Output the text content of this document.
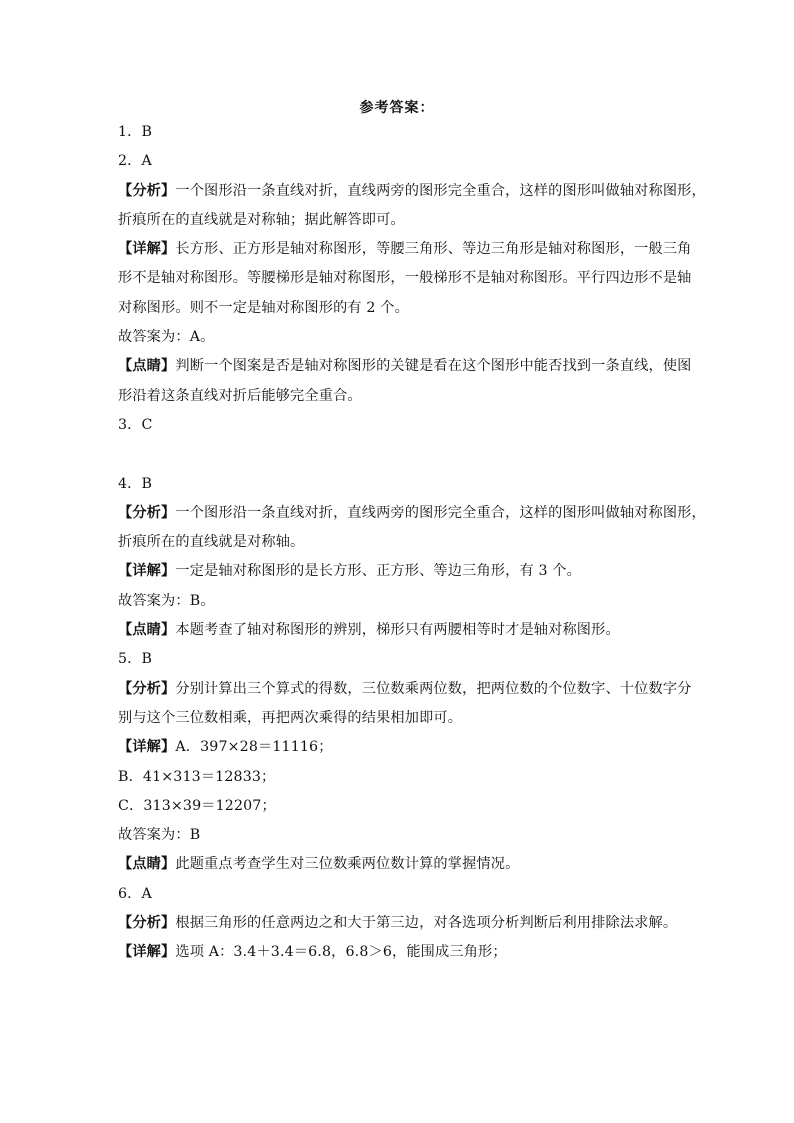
参考答案：
1．B
2．A
【分析】一个图形沿一条直线对折，直线两旁的图形完全重合，这样的图形叫做轴对称图形，
折痕所在的直线就是对称轴；据此解答即可。
【详解】长方形、正方形是轴对称图形，等腰三角形、等边三角形是轴对称图形，一般三角
形不是轴对称图形。等腰梯形是轴对称图形，一般梯形不是轴对称图形。平行四边形不是轴
对称图形。则不一定是轴对称图形的有 2 个。
故答案为：A。
【点睛】判断一个图案是否是轴对称图形的关键是看在这个图形中能否找到一条直线，使图
形沿着这条直线对折后能够完全重合。
3．C
4．B
【分析】一个图形沿一条直线对折，直线两旁的图形完全重合，这样的图形叫做轴对称图形，
折痕所在的直线就是对称轴。
【详解】一定是轴对称图形的是长方形、正方形、等边三角形，有 3 个。
故答案为：B。
【点睛】本题考查了轴对称图形的辨别，梯形只有两腰相等时才是轴对称图形。
5．B
【分析】分别计算出三个算式的得数，三位数乘两位数，把两位数的个位数字、十位数字分
别与这个三位数相乘，再把两次乘得的结果相加即可。
【详解】A．397×28＝11116；
B．41×313＝12833；
C．313×39＝12207；
故答案为：B
【点睛】此题重点考查学生对三位数乘两位数计算的掌握情况。
6．A
【分析】根据三角形的任意两边之和大于第三边，对各选项分析判断后利用排除法求解。
【详解】选项 A：3.4＋3.4＝6.8，6.8＞6，能围成三角形；
